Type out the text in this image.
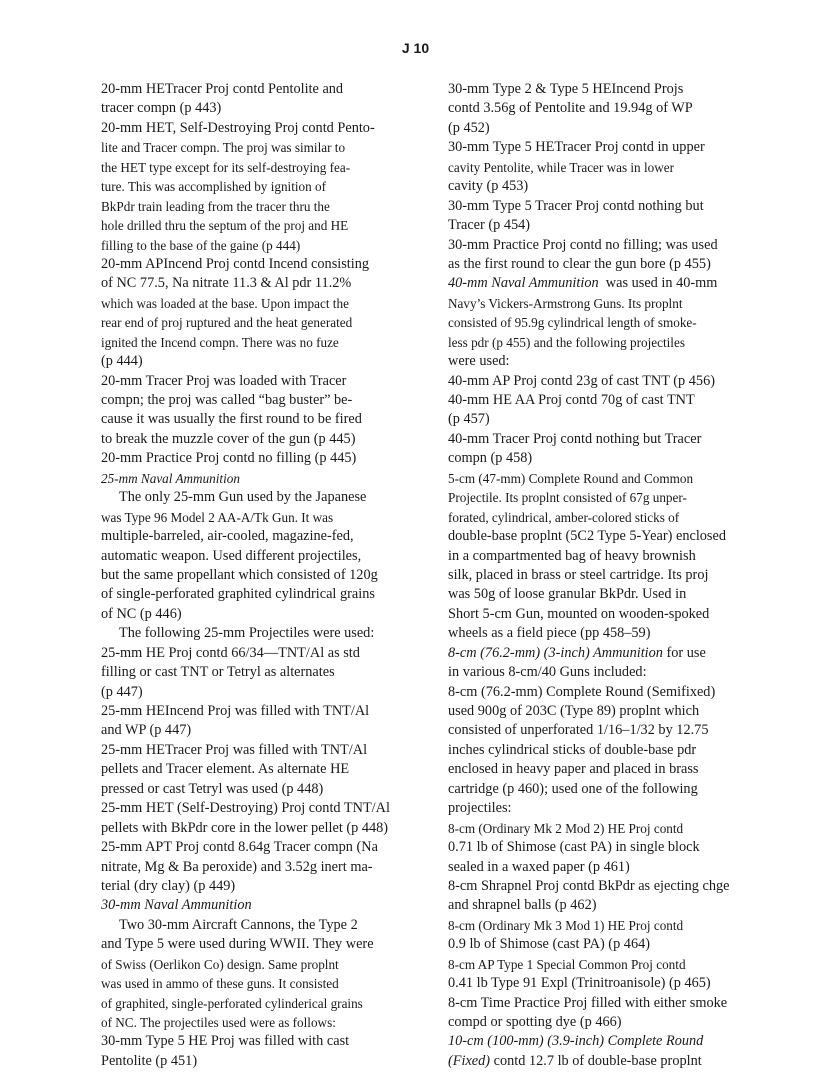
J 10
20-mm HETracer Proj contd Pentolite and
tracer compn (p 443)
20-mm HET, Self-Destroying Proj contd Pento-
lite and Tracer compn. The proj was similar to
the HET type except for its self-destroying fea-
ture. This was accomplished by ignition of
BkPdr train leading from the tracer thru the
hole drilled thru the septum of the proj and HE
filling to the base of the gaine (p 444)
20-mm APIncend Proj contd Incend consisting
of NC 77.5, Na nitrate 11.3 & Al pdr 11.2%
which was loaded at the base. Upon impact the
rear end of proj ruptured and the heat generated
ignited the Incend compn. There was no fuze
(p 444)
20-mm Tracer Proj was loaded with Tracer
compn; the proj was called “bag buster” be-
cause it was usually the first round to be fired
to break the muzzle cover of the gun (p 445)
20-mm Practice Proj contd no filling (p 445)
25-mm Naval Ammunition
The only 25-mm Gun used by the Japanese
was Type 96 Model 2 AA-A/Tk Gun. It was
multiple-barreled, air-cooled, magazine-fed,
automatic weapon. Used different projectiles,
but the same propellant which consisted of 120g
of single-perforated graphited cylindrical grains
of NC (p 446)
The following 25-mm Projectiles were used:
25-mm HE Proj contd 66/34—TNT/Al as std
filling or cast TNT or Tetryl as alternates
(p 447)
25-mm HEIncend Proj was filled with TNT/Al
and WP (p 447)
25-mm HETracer Proj was filled with TNT/Al
pellets and Tracer element. As alternate HE
pressed or cast Tetryl was used (p 448)
25-mm HET (Self-Destroying) Proj contd TNT/Al
pellets with BkPdr core in the lower pellet (p 448)
25-mm APT Proj contd 8.64g Tracer compn (Na
nitrate, Mg & Ba peroxide) and 3.52g inert ma-
terial (dry clay) (p 449)
30-mm Naval Ammunition
Two 30-mm Aircraft Cannons, the Type 2
and Type 5 were used during WWII. They were
of Swiss (Oerlikon Co) design. Same proplnt
was used in ammo of these guns. It consisted
of graphited, single-perforated cylinderical grains
of NC. The projectiles used were as follows:
30-mm Type 5 HE Proj was filled with cast
Pentolite (p 451)
30-mm Type 2 & Type 5 HEIncend Projs
contd 3.56g of Pentolite and 19.94g of WP
(p 452)
30-mm Type 5 HETracer Proj contd in upper
cavity Pentolite, while Tracer was in lower
cavity (p 453)
30-mm Type 5 Tracer Proj contd nothing but
Tracer (p 454)
30-mm Practice Proj contd no filling; was used
as the first round to clear the gun bore (p 455)
40-mm Naval Ammunition  was used in 40-mm
Navy’s Vickers-Armstrong Guns. Its proplnt
consisted of 95.9g cylindrical length of smoke-
less pdr (p 455) and the following projectiles
were used:
40-mm AP Proj contd 23g of cast TNT (p 456)
40-mm HE AA Proj contd 70g of cast TNT
(p 457)
40-mm Tracer Proj contd nothing but Tracer
compn (p 458)
5-cm (47-mm) Complete Round and Common
Projectile. Its proplnt consisted of 67g unper-
forated, cylindrical, amber-colored sticks of
double-base proplnt (5C2 Type 5-Year) enclosed
in a compartmented bag of heavy brownish
silk, placed in brass or steel cartridge. Its proj
was 50g of loose granular BkPdr. Used in
Short 5-cm Gun, mounted on wooden-spoked
wheels as a field piece (pp 458–59)
8-cm (76.2-mm) (3-inch) Ammunition for use
in various 8-cm/40 Guns included:
8-cm (76.2-mm) Complete Round (Semifixed)
used 900g of 203C (Type 89) proplnt which
consisted of unperforated 1/16–1/32 by 12.75
inches cylindrical sticks of double-base pdr
enclosed in heavy paper and placed in brass
cartridge (p 460); used one of the following
projectiles:
8-cm (Ordinary Mk 2 Mod 2) HE Proj contd
0.71 lb of Shimose (cast PA) in single block
sealed in a waxed paper (p 461)
8-cm Shrapnel Proj contd BkPdr as ejecting chge
and shrapnel balls (p 462)
8-cm (Ordinary Mk 3 Mod 1) HE Proj contd
0.9 lb of Shimose (cast PA) (p 464)
8-cm AP Type 1 Special Common Proj contd
0.41 lb Type 91 Expl (Trinitroanisole) (p 465)
8-cm Time Practice Proj filled with either smoke
compd or spotting dye (p 466)
10-cm (100-mm) (3.9-inch) Complete Round
(Fixed) contd 12.7 lb of double-base proplnt
